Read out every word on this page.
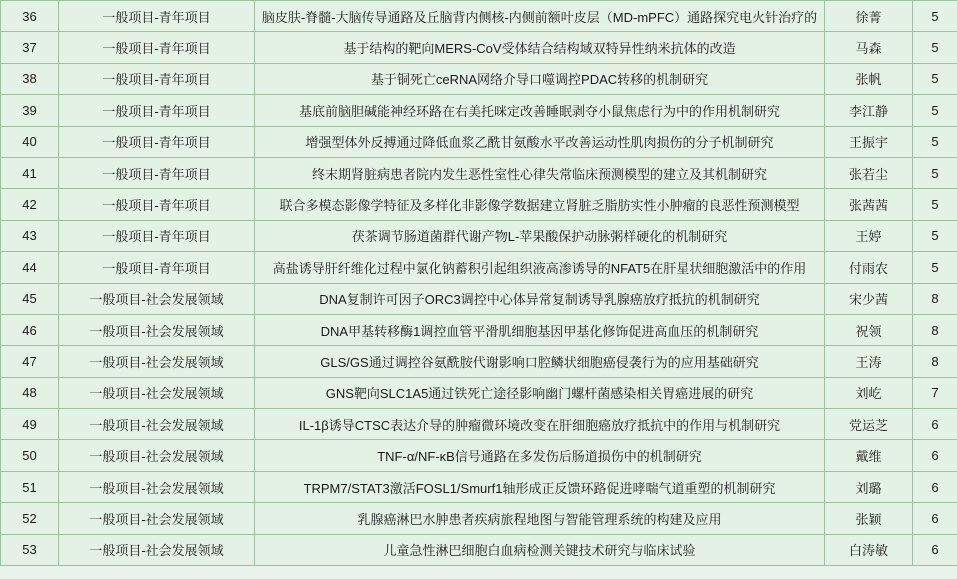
36	一般项目-青年项目	脑皮肤-脊髓-大脑传导通路及丘脑背内侧核-内侧前额叶皮层（MD-mPFC）通路探究电火针治疗的	徐菁	5
37	一般项目-青年项目	基于结构的靶向MERS-CoV受体结合结构域双特异性纳米抗体的改造	马森	5
38	一般项目-青年项目	基于铜死亡ceRNA网络介导口噬调控PDAC转移的机制研究	张帆	5
39	一般项目-青年项目	基底前脑胆碱能神经环路在右美托咪定改善睡眠剥夺小鼠焦虑行为中的作用机制研究	李江静	5
40	一般项目-青年项目	增强型体外反搏通过降低血浆乙酰甘氨酸水平改善运动性肌肉损伤的分子机制研究	王振宇	5
41	一般项目-青年项目	终末期肾脏病患者院内发生恶性室性心律失常临床预测模型的建立及其机制研究	张若尘	5
42	一般项目-青年项目	联合多模态影像学特征及多样化非影像学数据建立肾脏乏脂肪实性小肿瘤的良恶性预测模型	张茜茜	5
43	一般项目-青年项目	茯茶调节肠道菌群代谢产物L-苹果酸保护动脉粥样硬化的机制研究	王婷	5
44	一般项目-青年项目	高盐诱导肝纤维化过程中氯化钠蓄积引起组织液高渗诱导的NFAT5在肝星状细胞激活中的作用	付雨农	5
45	一般项目-社会发展领域	DNA复制许可因子ORC3调控中心体异常复制诱导乳腺癌放疗抵抗的机制研究	宋少茜	8
46	一般项目-社会发展领域	DNA甲基转移酶1调控血管平滑肌细胞基因甲基化修饰促进高血压的机制研究	祝领	8
47	一般项目-社会发展领域	GLS/GS通过调控谷氨酰胺代谢影响口腔鳞状细胞癌侵袭行为的应用基础研究	王涛	8
48	一般项目-社会发展领域	GNS靶向SLC1A5通过铁死亡途径影响幽门螺杆菌感染相关胃癌进展的研究	刘屹	7
49	一般项目-社会发展领域	IL-1β诱导CTSC表达介导的肿瘤微环境改变在肝细胞癌放疗抵抗中的作用与机制研究	党运芝	6
50	一般项目-社会发展领域	TNF-α/NF-κB信号通路在多发伤后肠道损伤中的机制研究	戴维	6
51	一般项目-社会发展领域	TRPM7/STAT3激活FOSL1/Smurf1轴形成正反馈环路促进哮喘气道重塑的机制研究	刘璐	6
52	一般项目-社会发展领域	乳腺癌淋巴水肿患者疾病旅程地图与智能管理系统的构建及应用	张颖	6
53	一般项目-社会发展领域	儿童急性淋巴细胞白血病检测关键技术研究与临床试验	白涛敏	6
